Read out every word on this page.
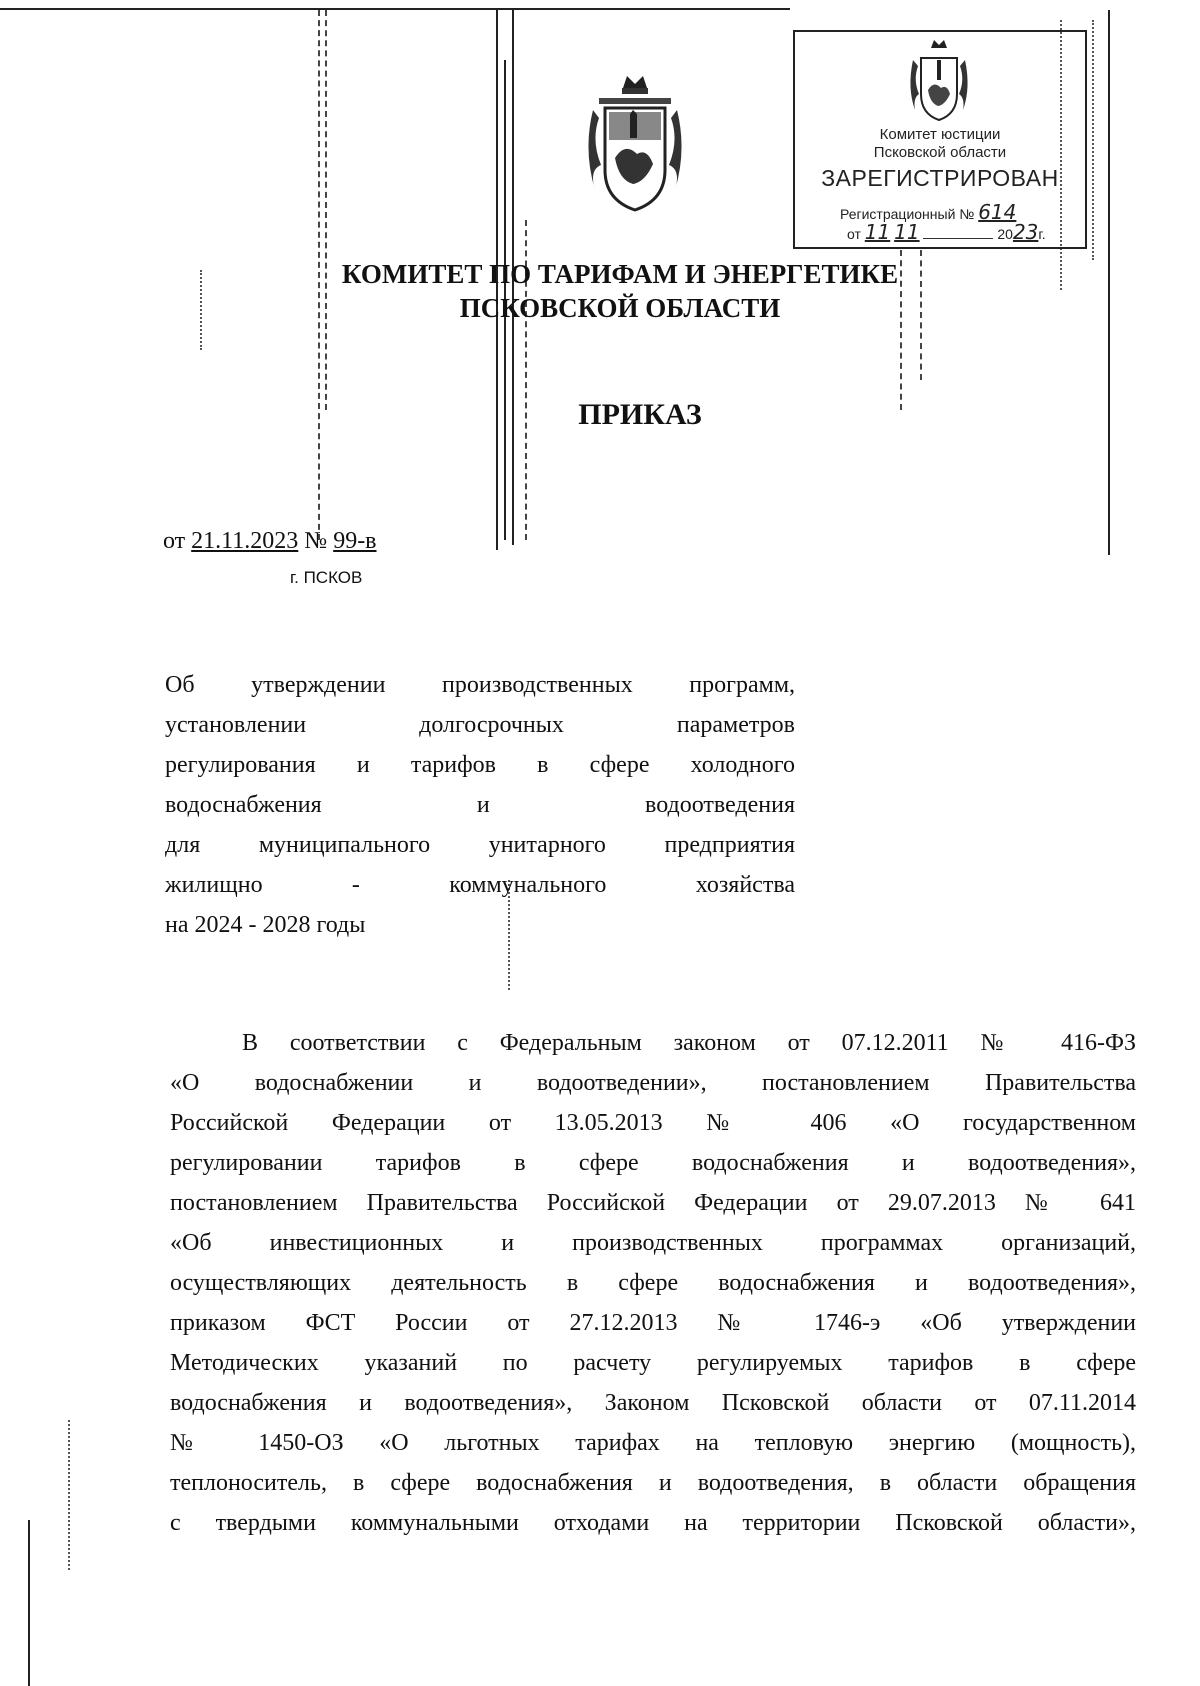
Комитет юстиции
Псковской области
ЗАРЕГИСТРИРОВАН
Регистрационный № 614
от 11 11	2023г.
КОМИТЕТ ПО ТАРИФАМ И ЭНЕРГЕТИКЕ
ПСКОВСКОЙ ОБЛАСТИ
ПРИКАЗ
от 21.11.2023 № 99-в
г. ПСКОВ
Об утверждении производственных программ,
установлении долгосрочных параметров
регулирования и тарифов в сфере холодного
водоснабжения и водоотведения
для муниципального унитарного предприятия
жилищно - коммунального хозяйства
на 2024 - 2028 годы
В соответствии с Федеральным законом от 07.12.2011 № 416-ФЗ
«О водоснабжении и водоотведении», постановлением Правительства
Российской Федерации от 13.05.2013 № 406 «О государственном
регулировании тарифов в сфере водоснабжения и водоотведения»,
постановлением Правительства Российской Федерации от 29.07.2013 № 641
«Об инвестиционных и производственных программах организаций,
осуществляющих деятельность в сфере водоснабжения и водоотведения»,
приказом ФСТ России от 27.12.2013 № 1746-э «Об утверждении
Методических указаний по расчету регулируемых тарифов в сфере
водоснабжения и водоотведения», Законом Псковской области от 07.11.2014
№ 1450-ОЗ «О льготных тарифах на тепловую энергию (мощность),
теплоноситель, в сфере водоснабжения и водоотведения, в области обращения
с твердыми коммунальными отходами на территории Псковской области»,
